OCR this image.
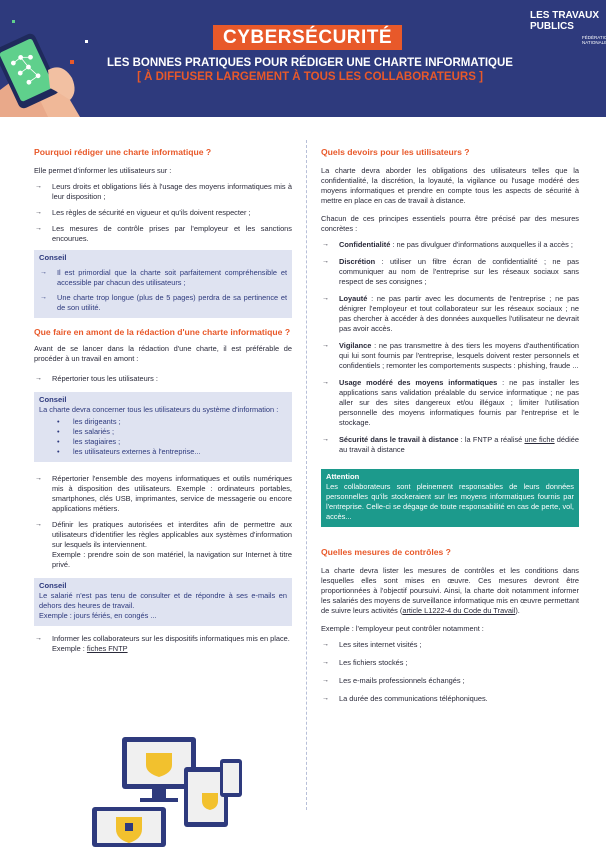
CYBERSÉCURITÉ
LES BONNES PRATIQUES POUR RÉDIGER UNE CHARTE INFORMATIQUE
[ À DIFFUSER LARGEMENT À TOUS LES COLLABORATEURS ]
LES TRAVAUX
PUBLICS
FÉDÉRATION NATIONALE
Pourquoi rédiger une charte informatique ?
Elle permet d'informer les utilisateurs sur :
→ Leurs droits et obligations liés à l'usage des moyens informatiques mis à leur disposition ;
→ Les règles de sécurité en vigueur et qu'ils doivent respecter ;
→ Les mesures de contrôle prises par l'employeur et les sanctions encourues.
Conseil
→ Il est primordial que la charte soit parfaitement compréhensible et accessible par chacun des utilisateurs ;
→ Une charte trop longue (plus de 5 pages) perdra de sa pertinence et de son utilité.
Que faire en amont de la rédaction d'une charte informatique ?
Avant de se lancer dans la rédaction d'une charte, il est préférable de procéder à un travail en amont :
→ Répertorier tous les utilisateurs :
Conseil
La charte devra concerner tous les utilisateurs du système d'information :
• les dirigeants ;
• les salariés ;
• les stagiaires ;
• les utilisateurs externes à l'entreprise...
→ Répertorier l'ensemble des moyens informatiques et outils numériques mis à disposition des utilisateurs. Exemple : ordinateurs portables, smartphones, clés USB, imprimantes, service de messagerie ou encore applications métiers.
→ Définir les pratiques autorisées et interdites afin de permettre aux utilisateurs d'identifier les règles applicables aux systèmes d'information sur lesquels ils interviennent.
Exemple : prendre soin de son matériel, la navigation sur Internet à titre privé.
Conseil
Le salarié n'est pas tenu de consulter et de répondre à ses e-mails en dehors des heures de travail.
Exemple : jours fériés, en congés ...
→ Informer les collaborateurs sur les dispositifs informatiques mis en place.
Exemple : fiches FNTP
Quels devoirs pour les utilisateurs ?
La charte devra aborder les obligations des utilisateurs telles que la confidentialité, la discrétion, la loyauté, la vigilance ou l'usage modéré des moyens informatiques et prendre en compte tous les aspects de sécurité à mettre en place en cas de travail à distance.
Chacun de ces principes essentiels pourra être précisé par des mesures concrètes :
→ Confidentialité : ne pas divulguer d'informations auxquelles il a accès ;
→ Discrétion : utiliser un filtre écran de confidentialité ; ne pas communiquer au nom de l'entreprise sur les réseaux sociaux sans respect de ses consignes ;
→ Loyauté : ne pas partir avec les documents de l'entreprise ; ne pas dénigrer l'employeur et tout collaborateur sur les réseaux sociaux ; ne pas chercher à accéder à des données auxquelles l'utilisateur ne devrait pas avoir accès.
→ Vigilance : ne pas transmettre à des tiers les moyens d'authentification qui lui sont fournis par l'entreprise, lesquels doivent rester personnels et confidentiels ; remonter les comportements suspects : phishing, fraude ...
→ Usage modéré des moyens informatiques : ne pas installer les applications sans validation préalable du service informatique ; ne pas aller sur des sites dangereux et/ou illégaux ; limiter l'utilisation personnelle des moyens informatiques fournis par l'entreprise et le stockage.
→ Sécurité dans le travail à distance : la FNTP a réalisé une fiche dédiée au travail à distance
Attention
Les collaborateurs sont pleinement responsables de leurs données personnelles qu'ils stockeraient sur les moyens informatiques fournis par l'entreprise. Celle-ci se dégage de toute responsabilité en cas de perte, vol, accès...
Quelles mesures de contrôles ?
La charte devra lister les mesures de contrôles et les conditions dans lesquelles elles sont mises en œuvre. Ces mesures devront être proportionnées à l'objectif poursuivi. Ainsi, la charte doit notamment informer les salariés des moyens de surveillance informatique mis en œuvre permettant de suivre leurs activités (article L1222-4 du Code du Travail).
Exemple : l'employeur peut contrôler notamment :
→ Les sites internet visités ;
→ Les fichiers stockés ;
→ Les e-mails professionnels échangés ;
→ La durée des communications téléphoniques.
